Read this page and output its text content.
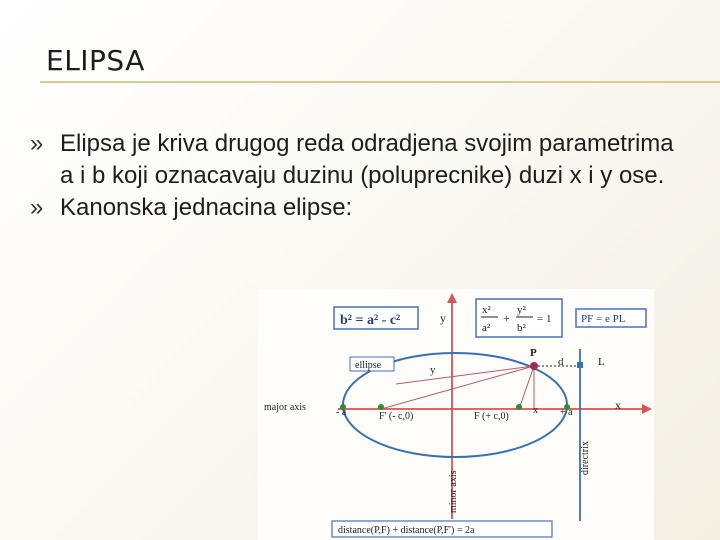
ELIPSA
» Elipsa je kriva drugog reda odradjena svojim parametrima a i b koji oznacavaju duzinu (poluprecnike) duzi x i y ose.
» Kanonska jednacina elipse:
b² = a² - c²
x²
a²
+
y²
b²
= 1	PF = e PL
y
x
ellipse
directrix
L
P
d
y
x
major axis	- a	F' (- c,0)	F (+ c,0)	+ a
minor axis
distance(P,F) + distance(P,F') = 2a
